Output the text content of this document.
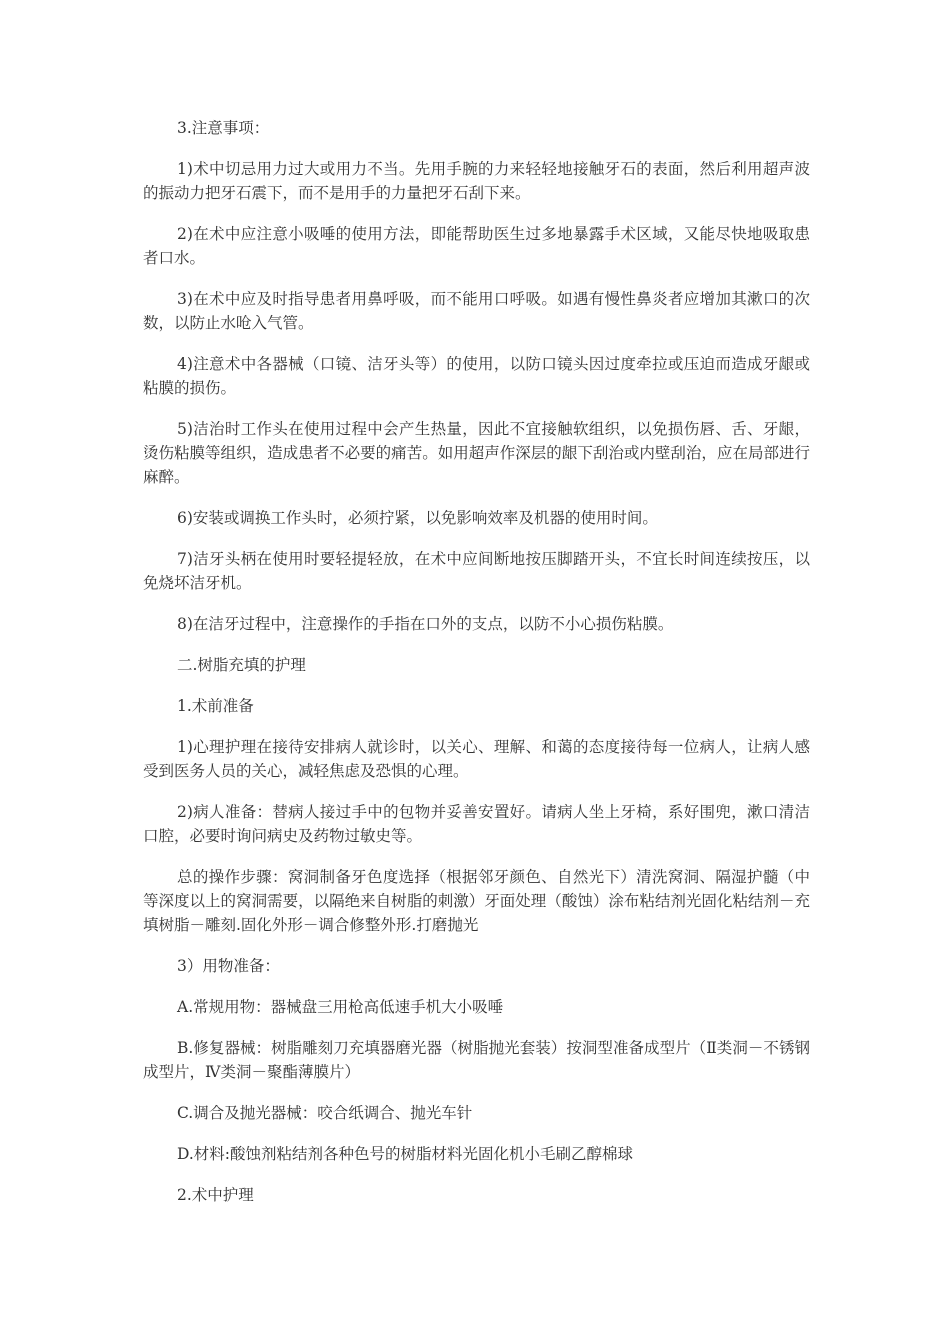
3.注意事项：

1)术中切忌用力过大或用力不当。先用手腕的力来轻轻地接触牙石的表面，然后利用超声波的振动力把牙石震下，而不是用手的力量把牙石刮下来。

2)在术中应注意小吸唾的使用方法，即能帮助医生过多地暴露手术区域，又能尽快地吸取患者口水。

3)在术中应及时指导患者用鼻呼吸，而不能用口呼吸。如遇有慢性鼻炎者应增加其漱口的次数，以防止水呛入气管。

4)注意术中各器械（口镜、洁牙头等）的使用，以防口镜头因过度牵拉或压迫而造成牙龈或粘膜的损伤。

5)洁治时工作头在使用过程中会产生热量，因此不宜接触软组织，以免损伤唇、舌、牙龈，烫伤粘膜等组织，造成患者不必要的痛苦。如用超声作深层的龈下刮治或内壁刮治，应在局部进行麻醉。

6)安装或调换工作头时，必须拧紧，以免影响效率及机器的使用时间。

7)洁牙头柄在使用时要轻提轻放，在术中应间断地按压脚踏开头，不宜长时间连续按压，以免烧坏洁牙机。

8)在洁牙过程中，注意操作的手指在口外的支点，以防不小心损伤粘膜。

二.树脂充填的护理

1.术前准备

1)心理护理在接待安排病人就诊时，以关心、理解、和蔼的态度接待每一位病人，让病人感受到医务人员的关心，减轻焦虑及恐惧的心理。

2)病人准备：替病人接过手中的包物并妥善安置好。请病人坐上牙椅，系好围兜，漱口清洁口腔，必要时询问病史及药物过敏史等。

总的操作步骤：窝洞制备牙色度选择（根据邻牙颜色、自然光下）清洗窝洞、隔湿护髓（中等深度以上的窝洞需要，以隔绝来自树脂的刺激）牙面处理（酸蚀）涂布粘结剂光固化粘结剂－充填树脂－雕刻.固化外形－调合修整外形.打磨抛光

3）用物准备：

A.常规用物：器械盘三用枪高低速手机大小吸唾

B.修复器械：树脂雕刻刀充填器磨光器（树脂抛光套装）按洞型准备成型片（Ⅱ类洞－不锈钢成型片，Ⅳ类洞－聚酯薄膜片）

C.调合及抛光器械：咬合纸调合、抛光车针

D.材料:酸蚀剂粘结剂各种色号的树脂材料光固化机小毛刷乙醇棉球

2.术中护理
